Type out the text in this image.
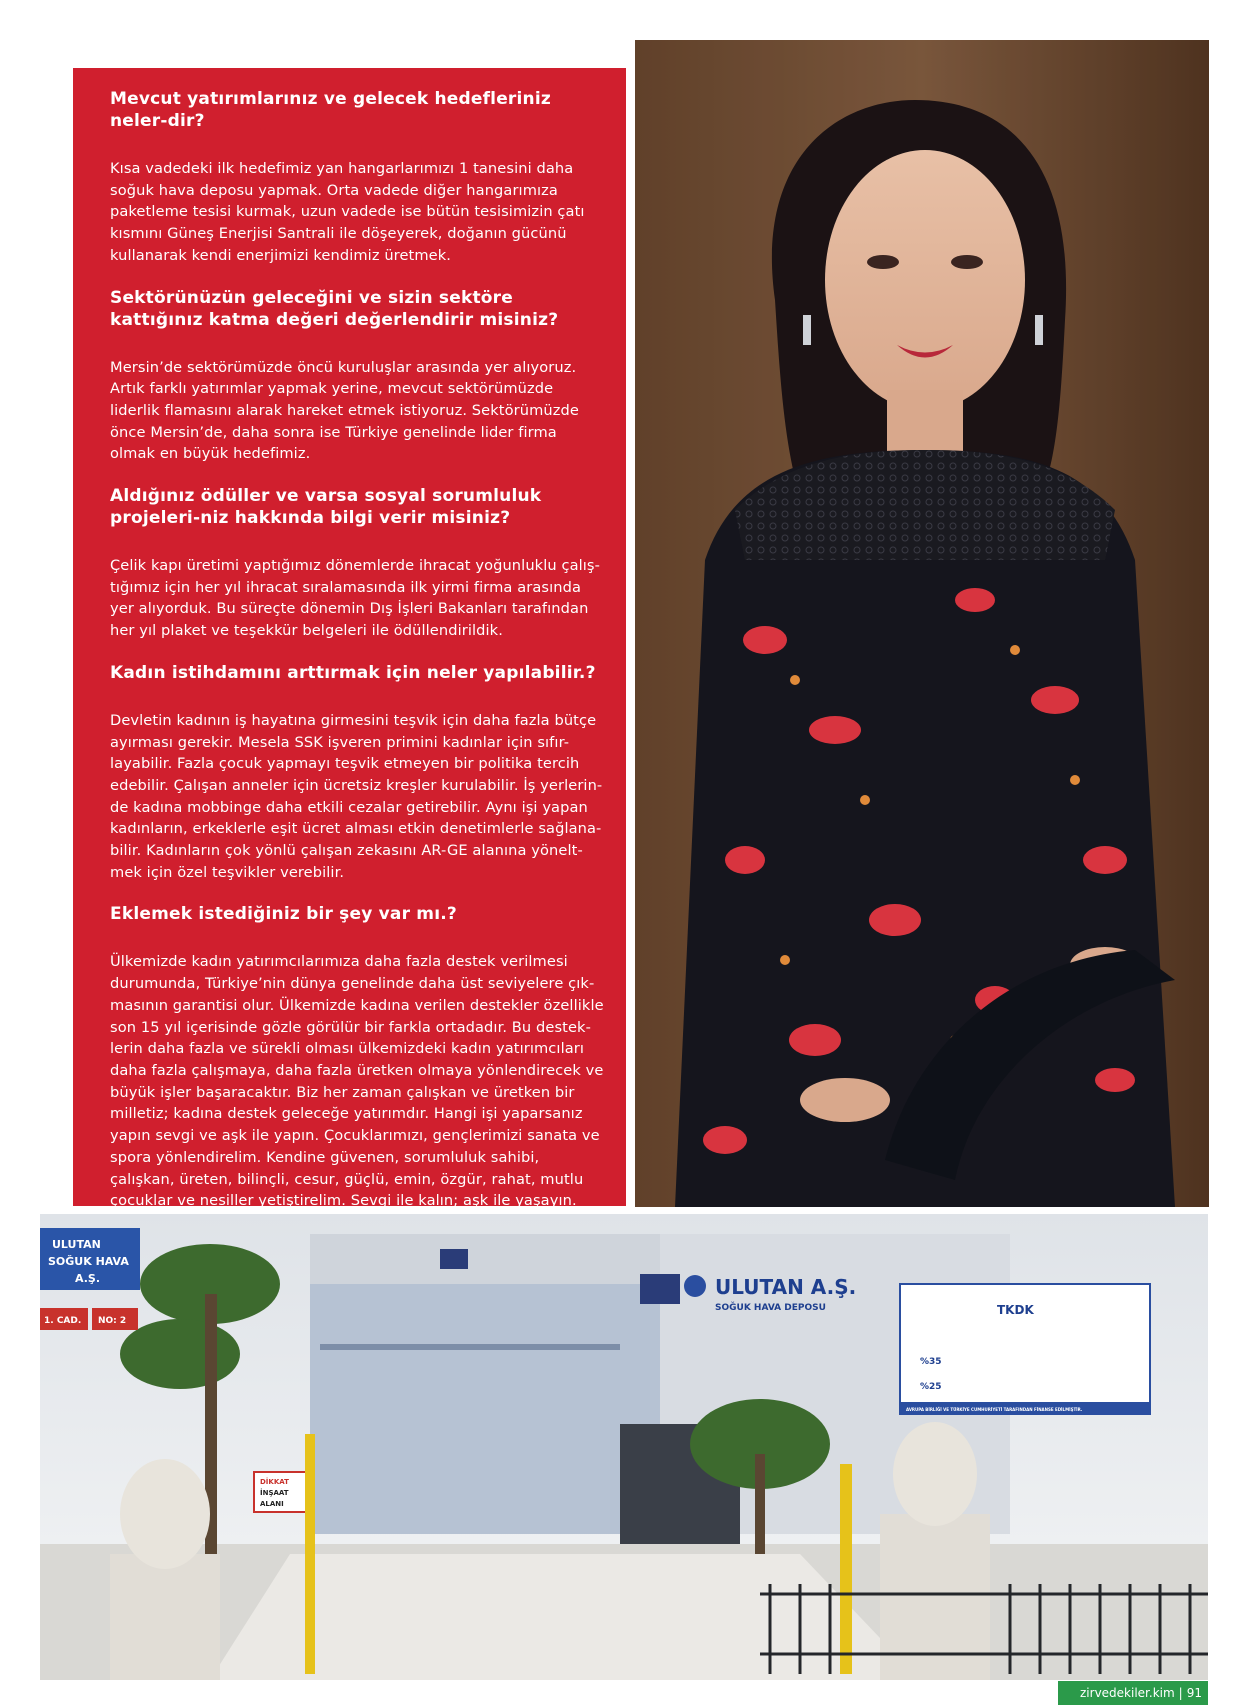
Mevcut yatırımlarınız ve gelecek hedefleriniz neler-dir?

Kısa vadedeki ilk hedefimiz yan hangarlarımızı 1 tanesini daha soğuk hava deposu yapmak. Orta vadede diğer hangarımıza paketleme tesisi kurmak, uzun vadede ise bütün tesisimizin çatı kısmını Güneş Enerjisi Santrali ile döşeyerek, doğanın gücünü kullanarak kendi enerjimizi kendimiz üretmek.

Sektörünüzün geleceğini ve sizin sektöre kattığınız katma değeri değerlendirir misiniz?

Mersin’de sektörümüzde öncü kuruluşlar arasında yer alıyoruz. Artık farklı yatırımlar yapmak yerine, mevcut sektörümüzde liderlik flamasını alarak hareket etmek istiyoruz. Sektörümüzde önce Mersin’de, daha sonra ise Türkiye genelinde lider firma olmak en büyük hedefimiz.

Aldığınız ödüller ve varsa sosyal sorumluluk projeleri-niz hakkında bilgi verir misiniz?

Çelik kapı üretimi yaptığımız dönemlerde ihracat yoğunluklu çalış-tığımız için her yıl ihracat sıralamasında ilk yirmi firma arasında yer alıyorduk. Bu süreçte dönemin Dış İşleri Bakanları tarafından her yıl plaket ve teşekkür belgeleri ile ödüllendirildik.

Kadın istihdamını arttırmak için neler yapılabilir.?

Devletin kadının iş hayatına girmesini teşvik için daha fazla bütçe ayırması gerekir. Mesela SSK işveren primini kadınlar için sıfır-layabilir. Fazla çocuk yapmayı teşvik etmeyen bir politika tercih edebilir. Çalışan anneler için ücretsiz kreşler kurulabilir. İş yerlerin-de kadına mobbinge daha etkili cezalar getirebilir. Aynı işi yapan kadınların, erkeklerle eşit ücret alması etkin denetimlerle sağlana-bilir. Kadınların çok yönlü çalışan zekasını AR-GE alanına yönelt-mek için özel teşvikler verebilir.

Eklemek istediğiniz bir şey var mı.?

Ülkemizde kadın yatırımcılarımıza daha fazla destek verilmesi durumunda, Türkiye’nin dünya genelinde daha üst seviyelere çık-masının garantisi olur. Ülkemizde kadına verilen destekler özellikle son 15 yıl içerisinde gözle görülür bir farkla ortadadır. Bu destek-lerin daha fazla ve sürekli olması ülkemizdeki kadın yatırımcıları daha fazla çalışmaya, daha fazla üretken olmaya yönlendirecek ve büyük işler başaracaktır. Biz her zaman çalışkan ve üretken bir milletiz; kadına destek geleceğe yatırımdır. Hangi işi yaparsanız yapın sevgi ve aşk ile yapın. Çocuklarımızı, gençlerimizi sanata ve spora yönlendirelim. Kendine güvenen, sorumluluk sahibi, çalışkan, üreten, bilinçli, cesur, güçlü, emin, özgür, rahat, mutlu çocuklar ve nesiller yetiştirelim. Sevgi ile kalın; aşk ile yaşayın.

ULUTAN A.Ş.
SOĞUK HAVA DEPOSU
ULUTAN
SOĞUK HAVA
A.Ş.
1. CAD. NO: 2
DİKKAT
İNŞAAT
ALANI
TKDK
%35
%25
AVRUPA BİRLİĞİ VE TÜRKİYE CUMHURİYETİ TARAFINDAN FİNANSE EDİLMİŞTİR.
zirvedekiler.kim | 91
